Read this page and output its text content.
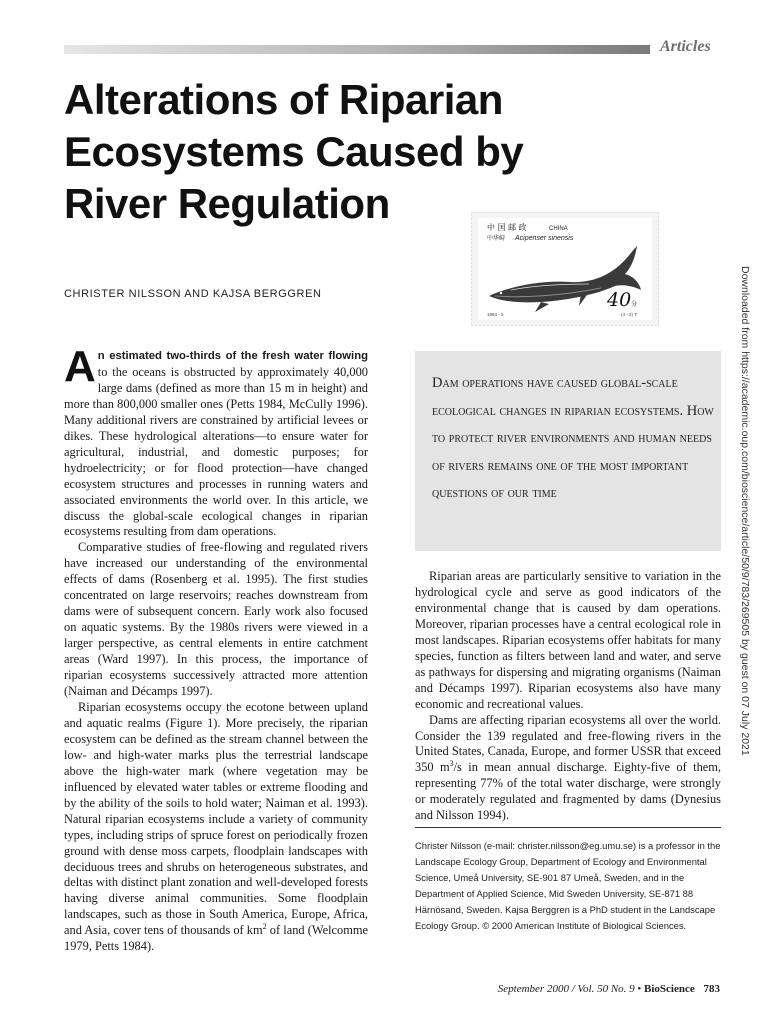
Articles
Alterations of Riparian
Ecosystems Caused by
River Regulation
CHRISTER NILSSON AND KAJSA BERGGREN
中 国 邮 政	CHINA
中华鲟 Acipenser sinensis
40 分
1994 - 5	(4 - 2) T	Downloaded from https://academic.oup.com/bioscience/article/50/9/783/269505 by guest on 07 July 2021

An estimated two-thirds of the fresh water flowing to the oceans is obstructed by approximately 40,000 large dams (defined as more than 15 m in height) and more than 800,000 smaller ones (Petts 1984, McCully 1996). Many additional rivers are constrained by artificial levees or dikes. These hydrological alterations—to ensure water for agricultural, industrial, and domestic purposes; for hydroelectricity; or for flood protection—have changed ecosystem structures and processes in running waters and associated environments the world over. In this article, we discuss the global-scale ecological changes in riparian ecosystems resulting from dam operations.

Comparative studies of free-flowing and regulated rivers have increased our understanding of the environmental effects of dams (Rosenberg et al. 1995). The first studies concentrated on large reservoirs; reaches downstream from dams were of subsequent concern. Early work also focused on aquatic systems. By the 1980s rivers were viewed in a larger perspective, as central elements in entire catchment areas (Ward 1997). In this process, the importance of riparian ecosystems successively attracted more attention (Naiman and Décamps 1997).

Riparian ecosystems occupy the ecotone between upland and aquatic realms (Figure 1). More precisely, the riparian ecosystem can be defined as the stream channel between the low- and high-water marks plus the terrestrial landscape above the high-water mark (where vegetation may be influenced by elevated water tables or extreme flooding and by the ability of the soils to hold water; Naiman et al. 1993). Natural riparian ecosystems include a variety of community types, including strips of spruce forest on periodically frozen ground with dense moss carpets, floodplain landscapes with deciduous trees and shrubs on heterogeneous substrates, and deltas with distinct plant zonation and well-developed forests having diverse animal communities. Some floodplain landscapes, such as those in South America, Europe, Africa, and Asia, cover tens of thousands of $km^2$ of land (Welcomme 1979, Petts 1984).

Dam operations have caused global-scale ecological changes in riparian ecosystems. How to protect river environments and human needs of rivers remains one of the most important questions of our time

Riparian areas are particularly sensitive to variation in the hydrological cycle and serve as good indicators of the environmental change that is caused by dam operations. Moreover, riparian processes have a central ecological role in most landscapes. Riparian ecosystems offer habitats for many species, function as filters between land and water, and serve as pathways for dispersing and migrating organisms (Naiman and Décamps 1997). Riparian ecosystems also have many economic and recreational values.

Dams are affecting riparian ecosystems all over the world. Consider the 139 regulated and free-flowing rivers in the United States, Canada, Europe, and former USSR that exceed 350 $m^3/s$ in mean annual discharge. Eighty-five of them, representing 77% of the total water discharge, were strongly or moderately regulated and fragmented by dams (Dynesius and Nilsson 1994).

Christer Nilsson (e-mail: christer.nilsson@eg.umu.se) is a professor in the Landscape Ecology Group, Department of Ecology and Environmental Science, Umeå University, SE-901 87 Umeå, Sweden, and in the Department of Applied Science, Mid Sweden University, SE-871 88 Härnösand, Sweden. Kajsa Berggren is a PhD student in the Landscape Ecology Group. © 2000 American Institute of Biological Sciences.

September 2000 / Vol. 50 No. 9 • BioScience 783
